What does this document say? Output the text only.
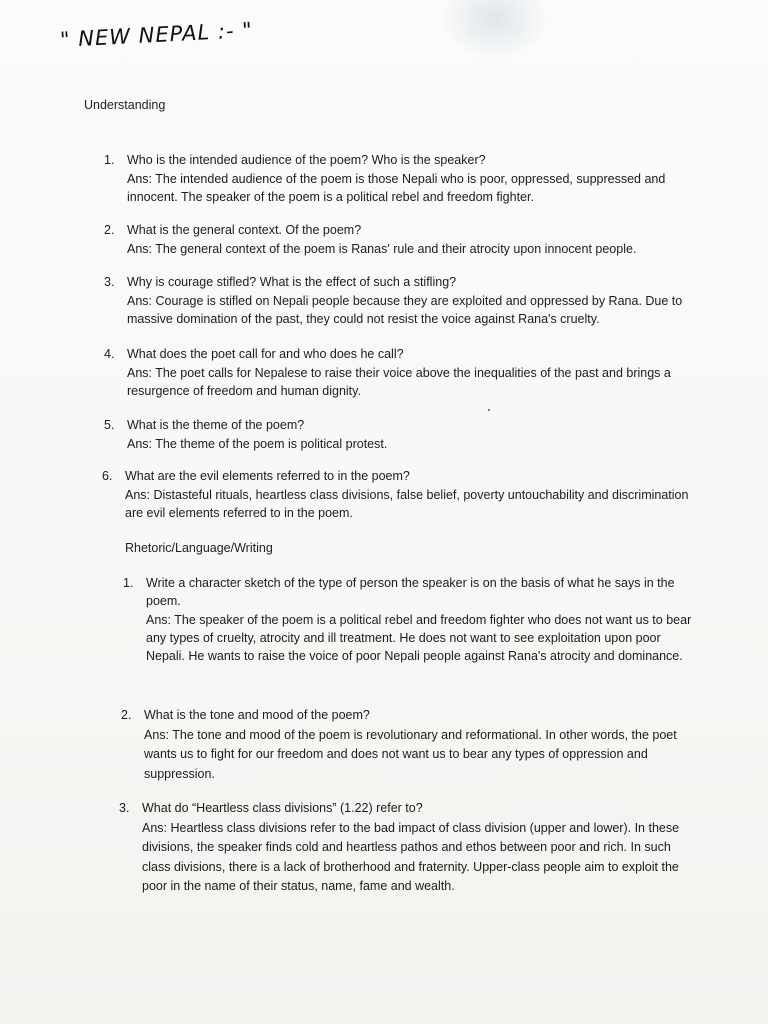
" NEW NEPAL :- "
Understanding
1. Who is the intended audience of the poem? Who is the speaker?
Ans: The intended audience of the poem is those Nepali who is poor, oppressed, suppressed and innocent. The speaker of the poem is a political rebel and freedom fighter.
2. What is the general context. Of the poem?
Ans: The general context of the poem is Ranas' rule and their atrocity upon innocent people.
3. Why is courage stifled? What is the effect of such a stifling?
Ans: Courage is stifled on Nepali people because they are exploited and oppressed by Rana. Due to massive domination of the past, they could not resist the voice against Rana's cruelty.
4. What does the poet call for and who does he call?
Ans: The poet calls for Nepalese to raise their voice above the inequalities of the past and brings a resurgence of freedom and human dignity.
5. What is the theme of the poem?
Ans: The theme of the poem is political protest.
6. What are the evil elements referred to in the poem?
Ans: Distasteful rituals, heartless class divisions, false belief, poverty untouchability and discrimination are evil elements referred to in the poem.
Rhetoric/Language/Writing
1. Write a character sketch of the type of person the speaker is on the basis of what he says in the poem.
Ans: The speaker of the poem is a political rebel and freedom fighter who does not want us to bear any types of cruelty, atrocity and ill treatment. He does not want to see exploitation upon poor Nepali. He wants to raise the voice of poor Nepali people against Rana's atrocity and dominance.
2. What is the tone and mood of the poem?
Ans: The tone and mood of the poem is revolutionary and reformational. In other words, the poet wants us to fight for our freedom and does not want us to bear any types of oppression and suppression.
3. What do “Heartless class divisions” (1.22) refer to?
Ans: Heartless class divisions refer to the bad impact of class division (upper and lower). In these divisions, the speaker finds cold and heartless pathos and ethos between poor and rich. In such class divisions, there is a lack of brotherhood and fraternity. Upper-class people aim to exploit the poor in the name of their status, name, fame and wealth.
